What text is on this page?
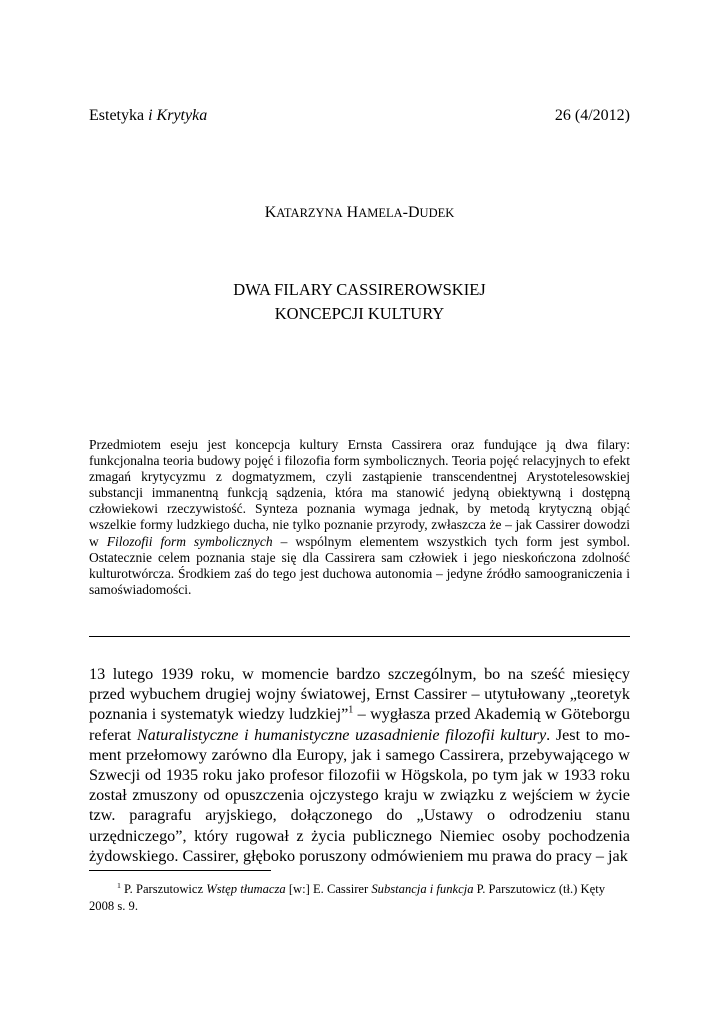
Estetyka i Krytyka	26 (4/2012)
KATARZYNA HAMELA-DUDEK
DWA FILARY CASSIREROWSKIEJ
KONCEPCJI KULTURY

Przedmiotem eseju jest koncepcja kultury Ernsta Cassirera oraz fundujące ją dwa filary: funkcjonalna teoria budowy pojęć i filozofia form symbolicznych. Teoria pojęć relacyjnych to efekt zmagań krytycyzmu z dogmatyzmem, czyli zastąpienie transcendentnej Arystotelesowskiej substancji immanentną funkcją sądzenia, która ma stanowić jedyną obiektywną i dostępną człowiekowi rzeczywistość. Synteza poznania wymaga jednak, by metodą krytyczną objąć wszelkie formy ludzkiego ducha, nie tylko poznanie przyrody, zwłaszcza że – jak Cassirer dowodzi w Filozofii form symbolicznych – wspólnym elementem wszystkich tych form jest symbol. Ostatecznie celem poznania staje się dla Cassirera sam człowiek i jego nieskończona zdolność kulturotwórcza. Środkiem zaś do tego jest duchowa autonomia – jedyne źródło samoograniczenia i samoświadomości.

13 lutego 1939 roku, w momencie bardzo szczególnym, bo na sześć miesięcy przed wybuchem drugiej wojny światowej, Ernst Cassirer – utytułowany „teoretyk poznania i systematyk wiedzy ludzkiej”$^1$ – wygłasza przed Akademią w Göteborgu referat Naturalistyczne i humanistyczne uzasadnienie filozofii kultury. Jest to moment przełomowy zarówno dla Europy, jak i samego Cassirera, przebywającego w Szwecji od 1935 roku jako profesor filozofii w Högskola, po tym jak w 1933 roku został zmuszony od opuszczenia ojczystego kraju w związku z wejściem w życie tzw. paragrafu aryjskiego, dołączonego do „Ustawy o odrodzeniu stanu urzędniczego”, który rugował z życia publicznego Niemiec osoby pochodzenia żydowskiego. Cassirer, głęboko poruszony odmówieniem mu prawa do pracy – jak

$^1$ P. Parszutowicz Wstęp tłumacza [w:] E. Cassirer Substancja i funkcja P. Parszutowicz (tł.) Kęty 2008 s. 9.
